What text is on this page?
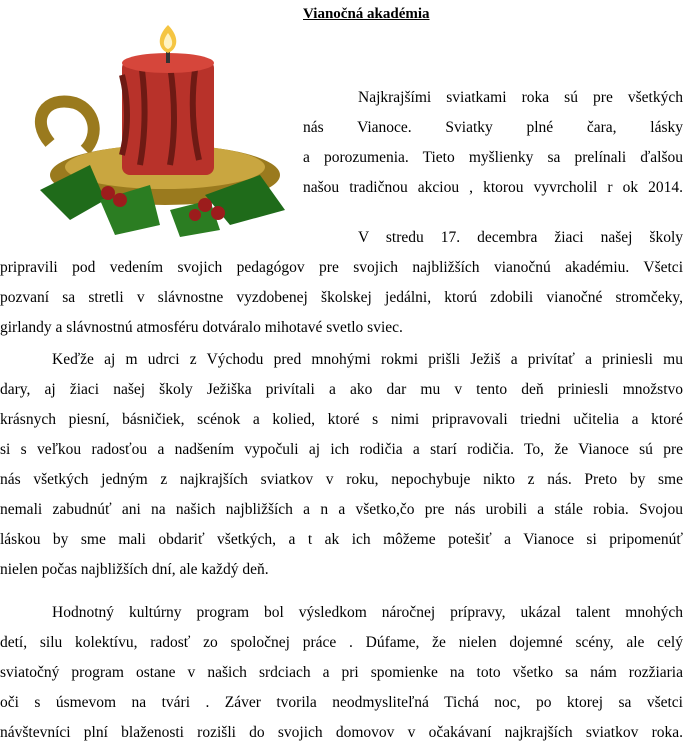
Vianočná akadémia
Najkrajšími sviatkami roka sú pre všetkých
nás Vianoce. Sviatky plné čara, lásky
a porozumenia. Tieto myšlienky sa prelínali ďalšou
našou tradičnou akciou , ktorou vyvrcholil r ok 2014.
V stredu 17. decembra žiaci našej školy
pripravili pod vedením svojich pedagógov pre svojich najbližších vianočnú akadémiu. Všetci
pozvaní sa stretli v slávnostne vyzdobenej školskej jedálni, ktorú zdobili vianočné stromčeky,
girlandy a slávnostnú atmosféru dotváralo mihotavé svetlo sviec.
Keďže aj m udrci z Východu pred mnohými rokmi prišli Ježiš a privítať a priniesli mu
dary, aj žiaci našej školy Ježiška privítali a ako dar mu v tento deň priniesli množstvo
krásnych piesní, básničiek, scénok a kolied, ktoré s nimi pripravovali triedni učitelia a ktoré
si s veľkou radosťou a nadšením vypočuli aj ich rodičia a starí rodičia. To, že Vianoce sú pre
nás všetkých jedným z najkrajších sviatkov v roku, nepochybuje nikto z nás. Preto by sme
nemali zabudnúť ani na našich najbližších a n a všetko,čo pre nás urobili a stále robia. Svojou
láskou by sme mali obdariť všetkých, a t ak ich môžeme potešiť a Vianoce si pripomenúť
nielen počas najbližších dní, ale každý deň.
Hodnotný kultúrny program bol výsledkom náročnej prípravy, ukázal talent mnohých
detí, silu kolektívu, radosť zo spoločnej práce . Dúfame, že nielen dojemné scény, ale celý
sviatočný program ostane v našich srdciach a pri spomienke na toto všetko sa nám rozžiaria
oči s úsmevom na tvári . Záver tvorila neodmysliteľná Tichá noc, po ktorej sa všetci
návštevníci plní blaženosti rozišli do svojich domovov v očakávaní najkrajších sviatkov roka.
